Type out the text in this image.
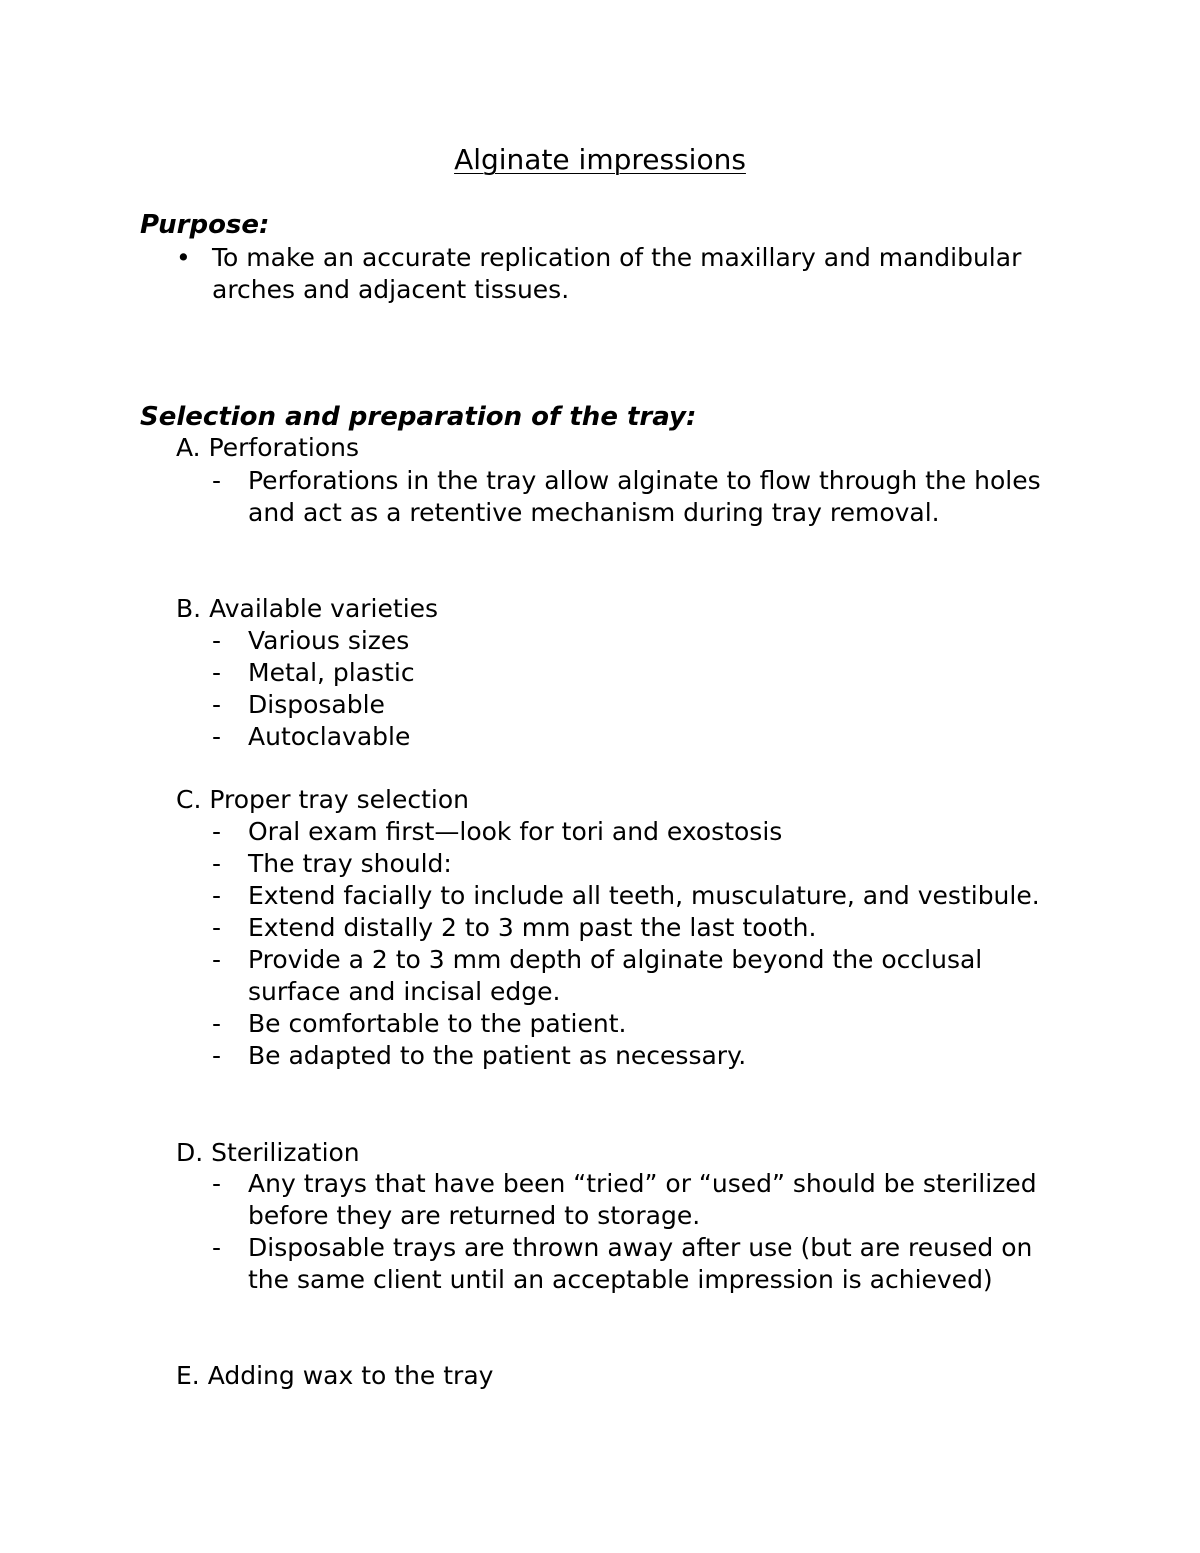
Alginate impressions
Purpose:
• To make an accurate replication of the maxillary and mandibular arches and adjacent tissues.
Selection and preparation of the tray:
A. Perforations
- Perforations in the tray allow alginate to flow through the holes and act as a retentive mechanism during tray removal.
B. Available varieties
- Various sizes
- Metal, plastic
- Disposable
- Autoclavable
C. Proper tray selection
- Oral exam first—look for tori and exostosis
- The tray should:
- Extend facially to include all teeth, musculature, and vestibule.
- Extend distally 2 to 3 mm past the last tooth.
- Provide a 2 to 3 mm depth of alginate beyond the occlusal surface and incisal edge.
- Be comfortable to the patient.
- Be adapted to the patient as necessary.
D. Sterilization
- Any trays that have been “tried” or “used” should be sterilized before they are returned to storage.
- Disposable trays are thrown away after use (but are reused on the same client until an acceptable impression is achieved)
E. Adding wax to the tray
